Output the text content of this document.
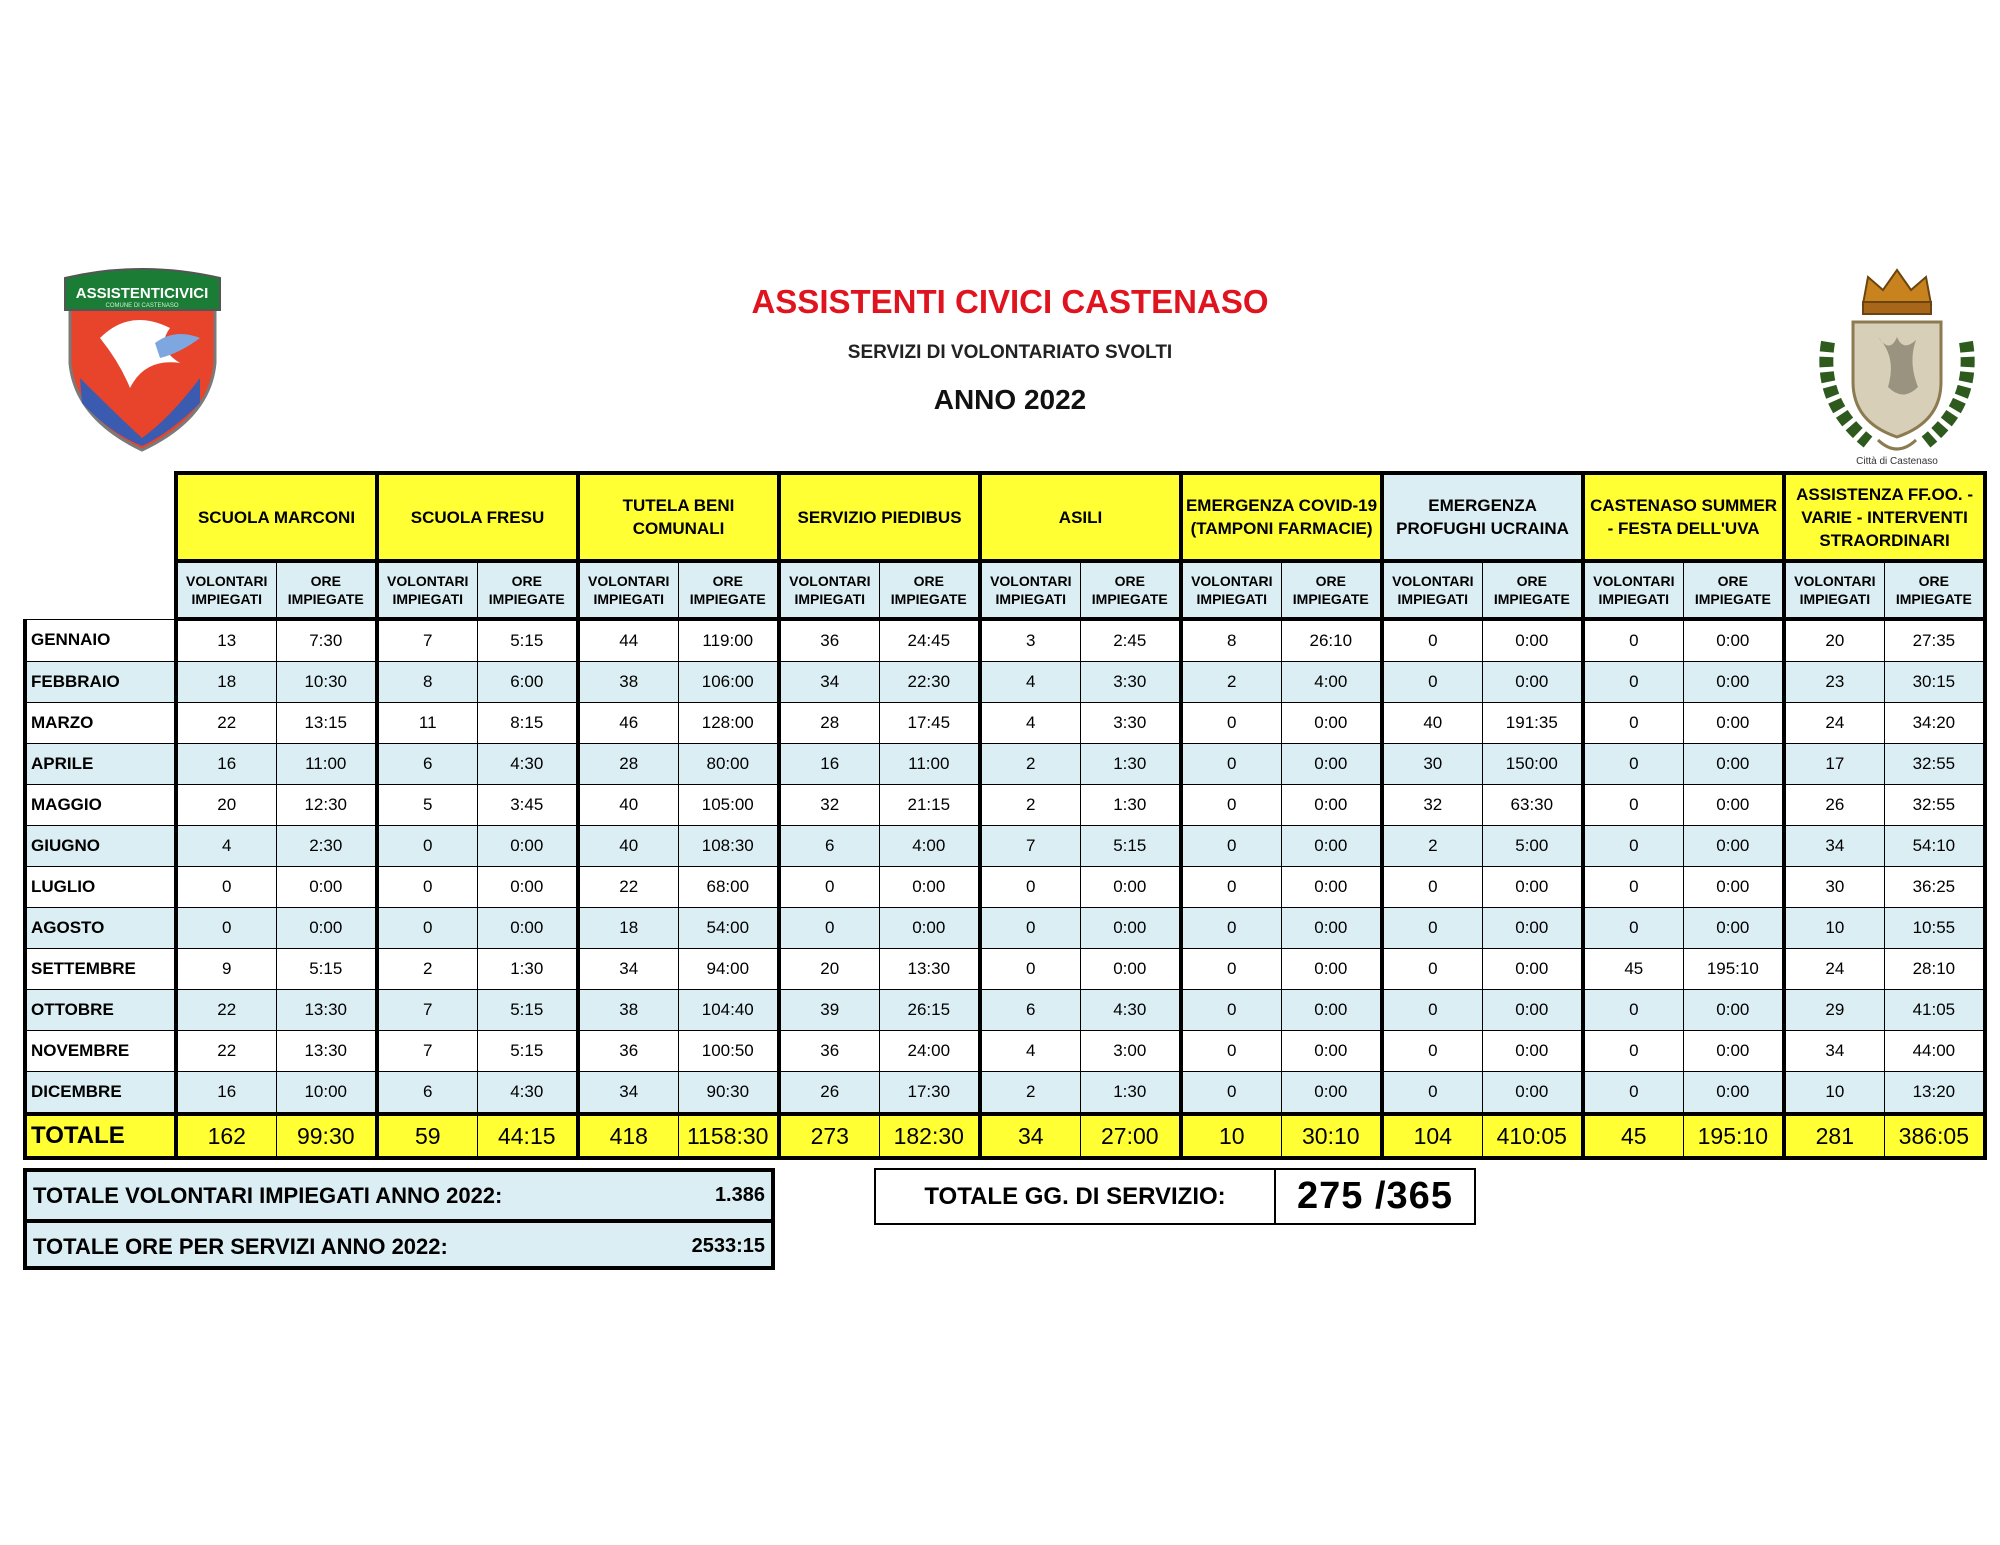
ASSISTENTICIVICI
COMUNE DI CASTENASO
Città di Castenaso
ASSISTENTI CIVICI CASTENASO
SERVIZI DI VOLONTARIATO SVOLTI
ANNO 2022
	SCUOLA MARCONI		SCUOLA FRESU		TUTELA BENI COMUNALI		SERVIZIO PIEDIBUS		ASILI		EMERGENZA COVID-19 (TAMPONI FARMACIE)		EMERGENZA PROFUGHI UCRAINA		CASTENASO SUMMER - FESTA DELL'UVA		ASSISTENZA FF.OO. - VARIE - INTERVENTI STRAORDINARI	
	VOLONTARI IMPIEGATI	ORE IMPIEGATE	VOLONTARI IMPIEGATI	ORE IMPIEGATE	VOLONTARI IMPIEGATI	ORE IMPIEGATE	VOLONTARI IMPIEGATI	ORE IMPIEGATE	VOLONTARI IMPIEGATI	ORE IMPIEGATE	VOLONTARI IMPIEGATI	ORE IMPIEGATE	VOLONTARI IMPIEGATI	ORE IMPIEGATE	VOLONTARI IMPIEGATI	ORE IMPIEGATE	VOLONTARI IMPIEGATI	ORE IMPIEGATE
GENNAIO	13	7:30	7	5:15	44	119:00	36	24:45	3	2:45	8	26:10	0	0:00	0	0:00	20	27:35
FEBBRAIO	18	10:30	8	6:00	38	106:00	34	22:30	4	3:30	2	4:00	0	0:00	0	0:00	23	30:15
MARZO	22	13:15	11	8:15	46	128:00	28	17:45	4	3:30	0	0:00	40	191:35	0	0:00	24	34:20
APRILE	16	11:00	6	4:30	28	80:00	16	11:00	2	1:30	0	0:00	30	150:00	0	0:00	17	32:55
MAGGIO	20	12:30	5	3:45	40	105:00	32	21:15	2	1:30	0	0:00	32	63:30	0	0:00	26	32:55
GIUGNO	4	2:30	0	0:00	40	108:30	6	4:00	7	5:15	0	0:00	2	5:00	0	0:00	34	54:10
LUGLIO	0	0:00	0	0:00	22	68:00	0	0:00	0	0:00	0	0:00	0	0:00	0	0:00	30	36:25
AGOSTO	0	0:00	0	0:00	18	54:00	0	0:00	0	0:00	0	0:00	0	0:00	0	0:00	10	10:55
SETTEMBRE	9	5:15	2	1:30	34	94:00	20	13:30	0	0:00	0	0:00	0	0:00	45	195:10	24	28:10
OTTOBRE	22	13:30	7	5:15	38	104:40	39	26:15	6	4:30	0	0:00	0	0:00	0	0:00	29	41:05
NOVEMBRE	22	13:30	7	5:15	36	100:50	36	24:00	4	3:00	0	0:00	0	0:00	0	0:00	34	44:00
DICEMBRE	16	10:00	6	4:30	34	90:30	26	17:30	2	1:30	0	0:00	0	0:00	0	0:00	10	13:20
TOTALE	162	99:30	59	44:15	418	1158:30	273	182:30	34	27:00	10	30:10	104	410:05	45	195:10	281	386:05
TOTALE VOLONTARI IMPIEGATI ANNO 2022:	1.386
TOTALE ORE PER SERVIZI ANNO 2022:	2533:15
TOTALE GG. DI SERVIZIO:	275 /365
